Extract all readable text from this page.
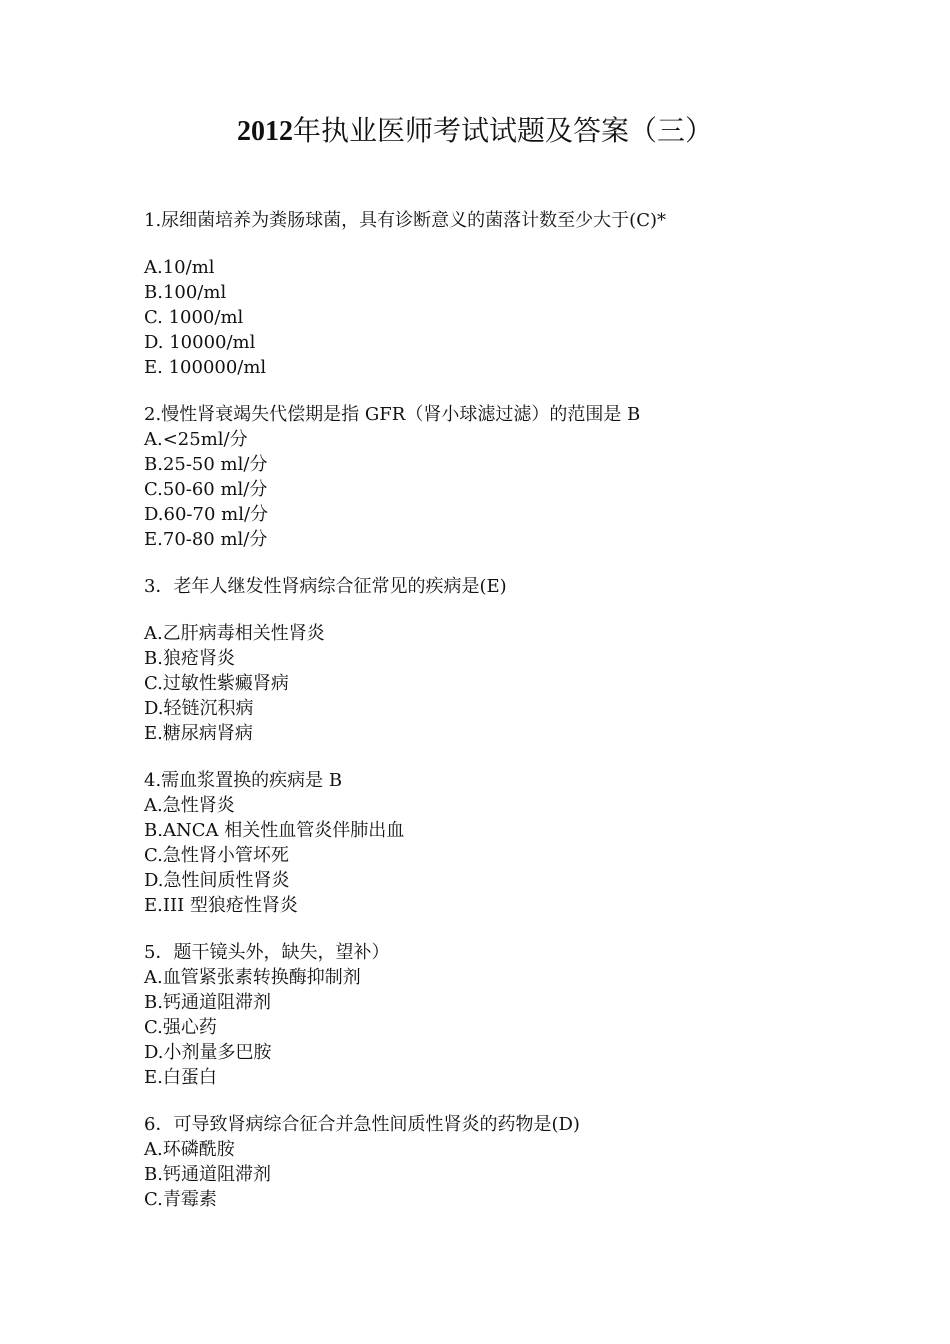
2012年执业医师考试试题及答案（三）

1.尿细菌培养为粪肠球菌，具有诊断意义的菌落计数至少大于(C)*

A.10/ml

B.100/ml

C. 1000/ml

D. 10000/ml

E. 100000/ml

2.慢性肾衰竭失代偿期是指 GFR（肾小球滤过滤）的范围是 B

A.<25ml/分

B.25-50 ml/分

C.50-60 ml/分

D.60-70 ml/分

E.70-80 ml/分

3．老年人继发性肾病综合征常见的疾病是(E)

A.乙肝病毒相关性肾炎

B.狼疮肾炎

C.过敏性紫癜肾病

D.轻链沉积病

E.糖尿病肾病

4.需血浆置换的疾病是 B

A.急性肾炎

B.ANCA 相关性血管炎伴肺出血

C.急性肾小管坏死

D.急性间质性肾炎

E.III 型狼疮性肾炎

5．题干镜头外，缺失，望补）

A.血管紧张素转换酶抑制剂

B.钙通道阻滞剂

C.强心药

D.小剂量多巴胺

E.白蛋白

6．可导致肾病综合征合并急性间质性肾炎的药物是(D)

A.环磷酰胺

B.钙通道阻滞剂

C.青霉素
